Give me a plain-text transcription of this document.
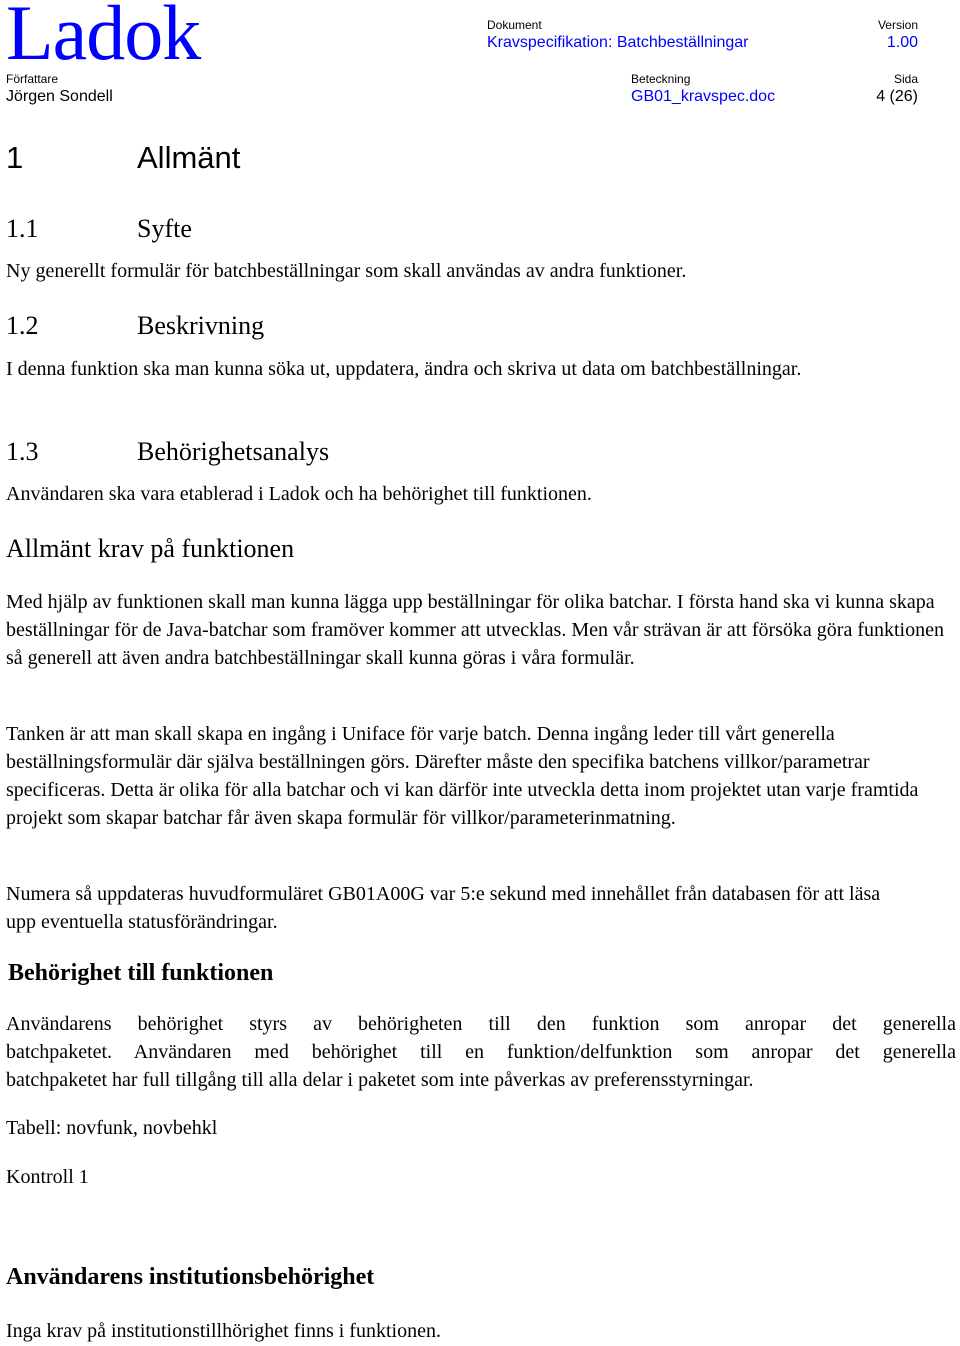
Ladok	Dokument
Kravspecifikation: Batchbeställningar
Version
1.00
Författare
Jörgen Sondell
Beteckning
GB01_kravspec.doc
Sida
4 (26)
1	Allmänt
1.1	Syfte

Ny generellt formulär för batchbeställningar som skall användas av andra funktioner.

1.2	Beskrivning

I denna funktion ska man kunna söka ut, uppdatera, ändra och skriva ut data om batchbeställningar.

1.3	Behörighetsanalys

Användaren ska vara etablerad i Ladok och ha behörighet till funktionen.

Allmänt krav på funktionen

Med hjälp av funktionen skall man kunna lägga upp beställningar för olika batchar. I första hand ska vi kunna skapa beställningar för de Java-batchar som framöver kommer att utvecklas. Men vår strävan är att försöka göra funktionen så generell att även andra batchbeställningar skall kunna göras i våra formulär.

Tanken är att man skall skapa en ingång i Uniface för varje batch. Denna ingång leder till vårt generella beställningsformulär där själva beställningen görs. Därefter måste den specifika batchens villkor/parametrar specificeras. Detta är olika för alla batchar och vi kan därför inte utveckla detta inom projektet utan varje framtida projekt som skapar batchar får även skapa formulär för villkor/parameterinmatning.

Numera så uppdateras huvudformuläret GB01A00G var 5:e sekund med innehållet från databasen för att läsa upp eventuella statusförändringar.

Behörighet till funktionen
Användarens behörighet styrs av behörigheten till den funktion som anropar det generella
batchpaketet. Användaren med behörighet till en funktion/delfunktion som anropar det generella
batchpaketet har full tillgång till alla delar i paketet som inte påverkas av preferensstyrningar.

Tabell: novfunk, novbehkl

Kontroll 1

Användarens institutionsbehörighet

Inga krav på institutionstillhörighet finns i funktionen.
